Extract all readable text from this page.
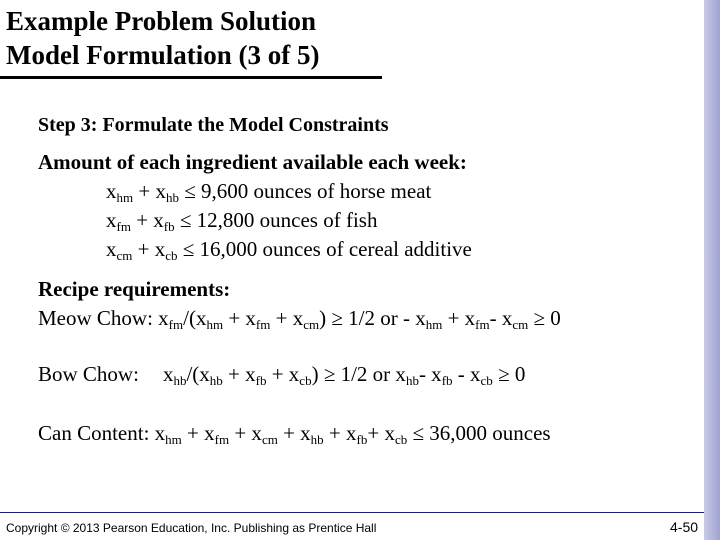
Example Problem Solution
Model Formulation (3 of 5)
Step 3: Formulate the Model Constraints
Amount of each ingredient available each week:
$x_{hm} + x_{hb} \le 9,600$ ounces of horse meat
$x_{fm} + x_{fb} \le 12,800$ ounces of fish
$x_{cm} + x_{cb} \le 16,000$ ounces of cereal additive
Recipe requirements:
Meow Chow: $x_{fm}/(x_{hm} + x_{fm} + x_{cm}) \ge 1/2$ or - $x_{hm} + x_{fm}-$ $x_{cm} \ge 0$
Bow Chow: $x_{hb}/(x_{hb} + x_{fb} + x_{cb}) \ge 1/2$ or $x_{hb}-$ $x_{fb} - x_{cb} \ge 0$
Can Content: $x_{hm} + x_{fm} + x_{cm} + x_{hb} + x_{fb}+ x_{cb} \le 36,000$ ounces
Copyright © 2013 Pearson Education, Inc. Publishing as Prentice Hall	4-50
